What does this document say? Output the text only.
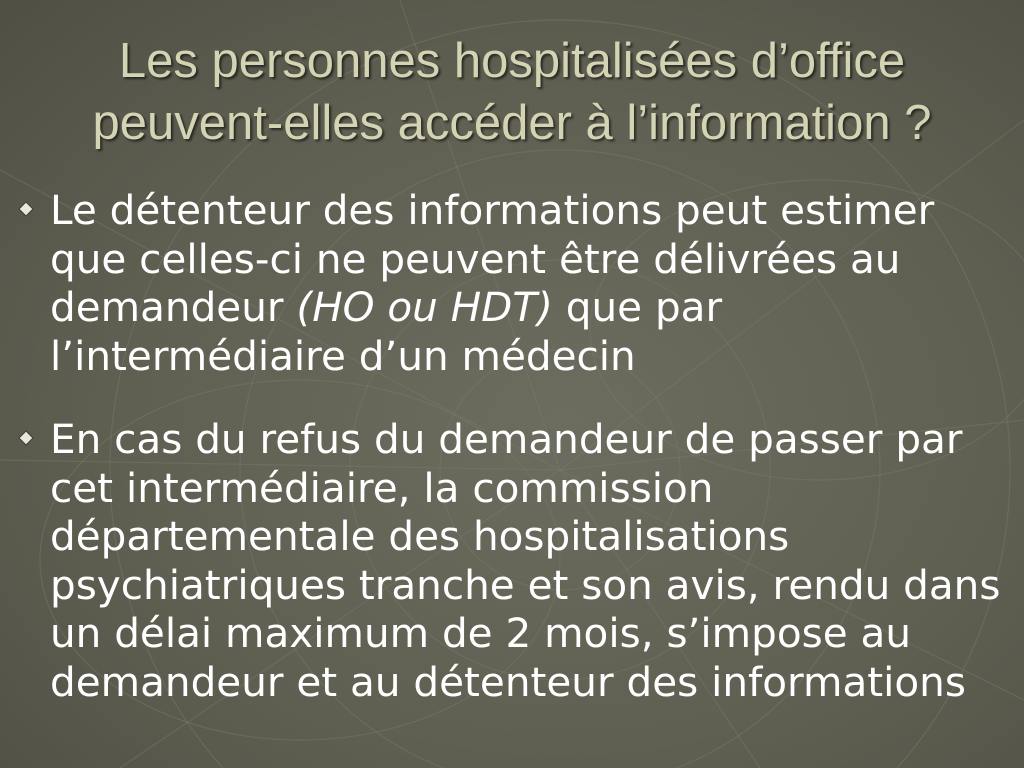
Les personnes hospitalisées d’office
peuvent-elles accéder à l’information ?
Le détenteur des informations peut estimer que celles-ci ne peuvent être délivrées au demandeur (HO ou HDT) que par l’intermédiaire d’un médecin
En cas du refus du demandeur de passer par cet intermédiaire, la commission départementale des hospitalisations psychiatriques tranche et son avis, rendu dans un délai maximum de 2 mois, s’impose au demandeur et au détenteur des informations
